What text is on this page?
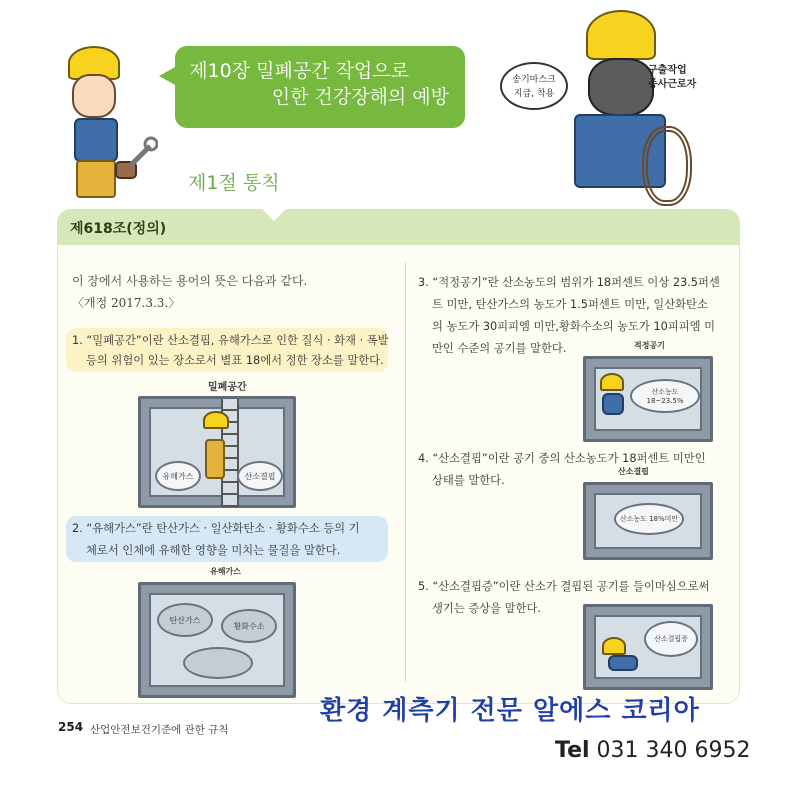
제10장 밀폐공간 작업으로
인한 건강장해의 예방
제1절 통칙
송기마스크
지급, 착용
구출작업
종사근로자
제618조(정의)
이 장에서 사용하는 용어의 뜻은 다음과 같다.
〈개정 2017.3.3.〉
1. “밀폐공간”이란 산소결핍, 유해가스로 인한 질식 · 화재 · 폭발
등의 위험이 있는 장소로서 별표 18에서 정한 장소를 말한다.
밀폐공간
유해가스	산소결핍
2. “유해가스”란 탄산가스 · 일산화탄소 · 황화수소 등의 기
체로서 인체에 유해한 영향을 미치는 물질을 말한다.
유해가스
탄산가스
황화수소
3. “적정공기”란 산소농도의 범위가 18퍼센트 이상 23.5퍼센
트 미만, 탄산가스의 농도가 1.5퍼센트 미만, 일산화탄소
의 농도가 30피피엠 미만,황화수소의 농도가 10피피엠 미
만인 수준의 공기를 말한다.	적정공기
산소농도 18~23.5%
4. “산소결핍”이란 공기 중의 산소농도가 18퍼센트 미만인
상태를 말한다.
산소결핍
산소농도 18%미만
5. “산소결핍증”이란 산소가 결핍된 공기를 들이마심으로써
생기는 증상을 말한다.
산소결핍증
254 산업안전보건기준에 관한 규칙
환경 계측기 전문 알에스 코리아
Tel 031 340 6952
